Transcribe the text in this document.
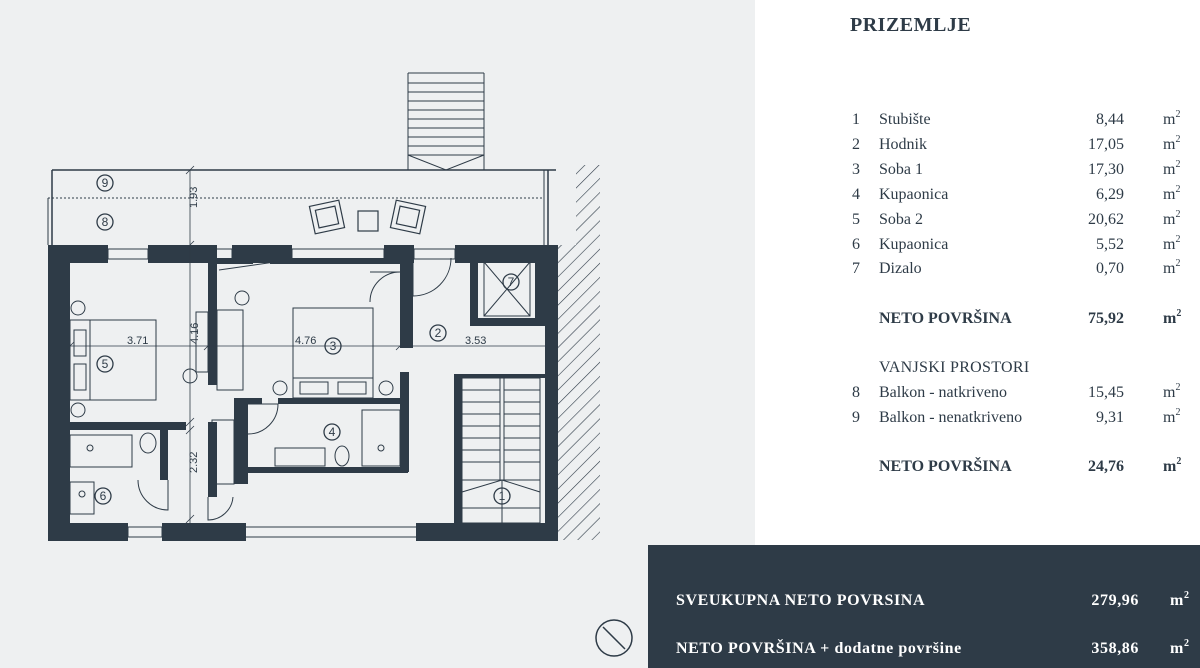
3.71	4.16	4.76	3.53
1.93
2.32
9
8
5
3
2
7
4
6	1
PRIZEMLJE
1 Stubište	8,44 $m^2$
2 Hodnik	17,05 $m^2$
3 Soba 1	17,30 $m^2$
4 Kupaonica	6,29 $m^2$
5 Soba 2	20,62 $m^2$
6 Kupaonica	5,52 $m^2$
7 Dizalo	0,70 $m^2$
NETO POVRŠINA	75,92 $m^2$
VANJSKI PROSTORI
8 Balkon - natkriveno	15,45 $m^2$
9 Balkon - nenatkriveno	9,31 $m^2$
NETO POVRŠINA	24,76 $m^2$
SVEUKUPNA NETO POVRSINA	279,96 $m^2$
NETO POVRŠINA + dodatne površine	358,86 $m^2$
